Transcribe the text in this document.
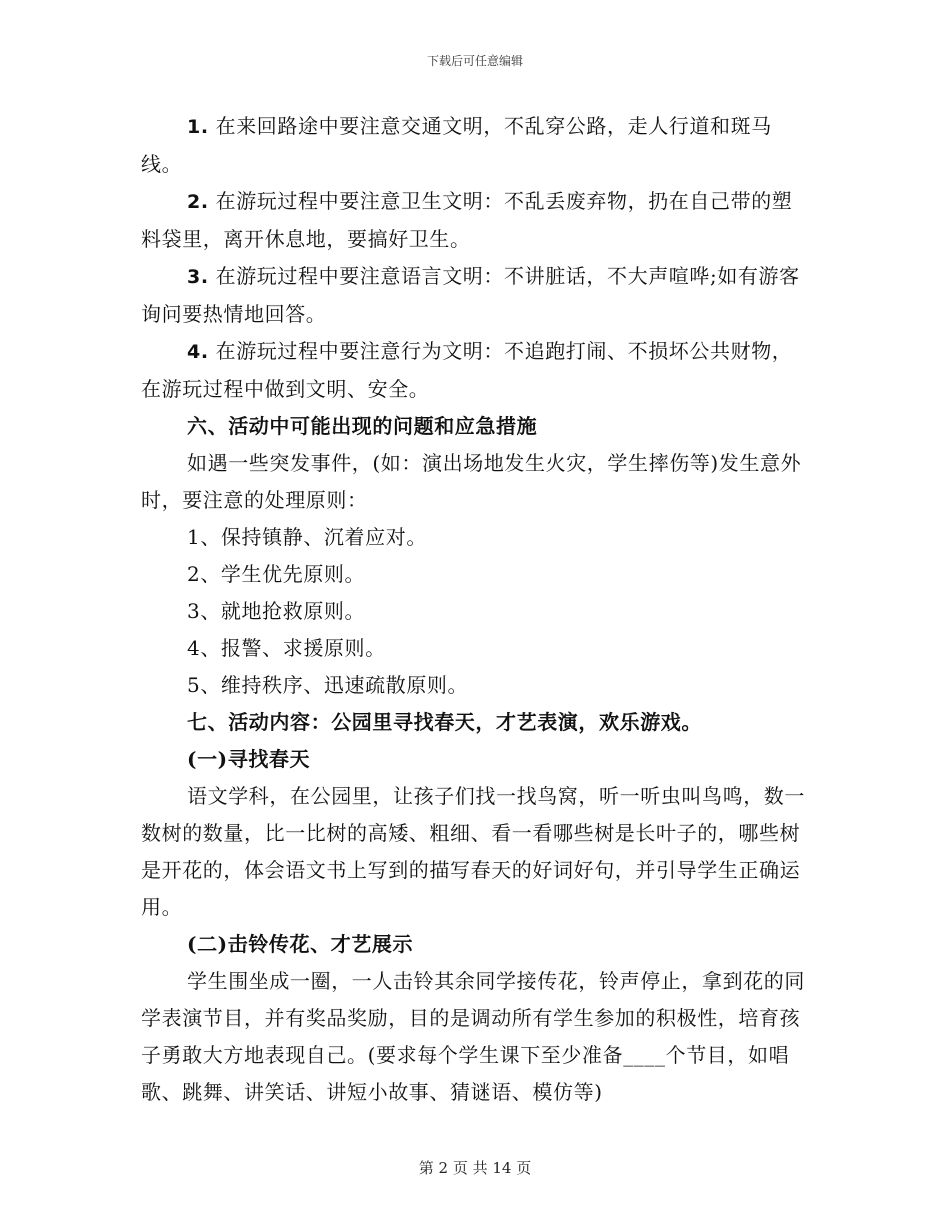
下载后可任意编辑

1. 在来回路途中要注意交通文明，不乱穿公路，走人行道和斑马线。

2. 在游玩过程中要注意卫生文明：不乱丢废弃物，扔在自己带的塑料袋里，离开休息地，要搞好卫生。

3. 在游玩过程中要注意语言文明：不讲脏话，不大声喧哗;如有游客询问要热情地回答。

4. 在游玩过程中要注意行为文明：不追跑打闹、不损坏公共财物，在游玩过程中做到文明、安全。

六、活动中可能出现的问题和应急措施

如遇一些突发事件，(如：演出场地发生火灾，学生摔伤等)发生意外时，要注意的处理原则：

1、保持镇静、沉着应对。

2、学生优先原则。

3、就地抢救原则。

4、报警、求援原则。

5、维持秩序、迅速疏散原则。

七、活动内容：公园里寻找春天，才艺表演，欢乐游戏。

(一)寻找春天

语文学科，在公园里，让孩子们找一找鸟窝，听一听虫叫鸟鸣，数一数树的数量，比一比树的高矮、粗细、看一看哪些树是长叶子的，哪些树是开花的，体会语文书上写到的描写春天的好词好句，并引导学生正确运用。

(二)击铃传花、才艺展示

学生围坐成一圈，一人击铃其余同学接传花，铃声停止，拿到花的同学表演节目，并有奖品奖励，目的是调动所有学生参加的积极性，培育孩子勇敢大方地表现自己。(要求每个学生课下至少准备____个节目，如唱歌、跳舞、讲笑话、讲短小故事、猜谜语、模仿等)

第 2 页 共 14 页
